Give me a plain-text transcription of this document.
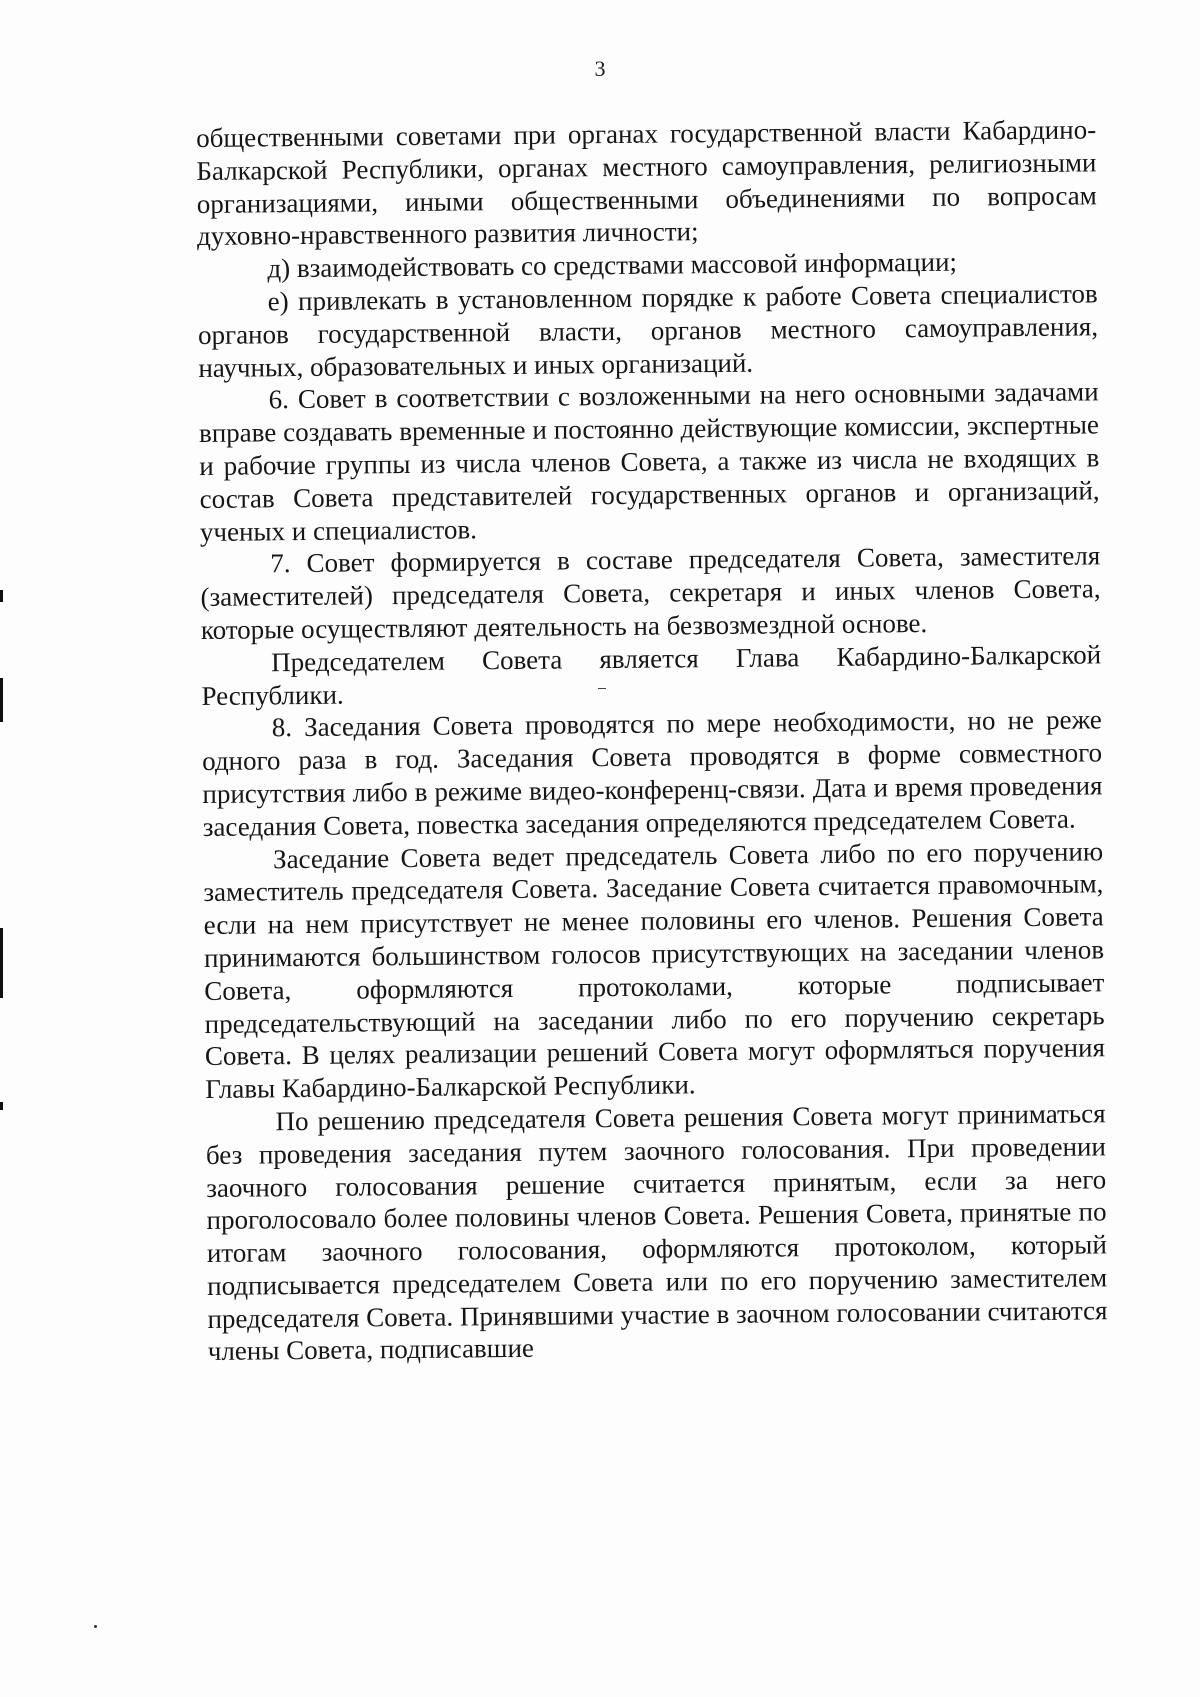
3

общественными советами при органах государственной власти Кабардино-Балкарской Республики, органах местного самоуправления, религиозными организациями, иными общественными объединениями по вопросам духовно-нравственного развития личности;

д) взаимодействовать со средствами массовой информации;

е) привлекать в установленном порядке к работе Совета специалистов органов государственной власти, органов местного самоуправления, научных, образовательных и иных организаций.

6. Совет в соответствии с возложенными на него основными задачами вправе создавать временные и постоянно действующие комиссии, экспертные и рабочие группы из числа членов Совета, а также из числа не входящих в состав Совета представителей государственных органов и организаций, ученых и специалистов.

7. Совет формируется в составе председателя Совета, заместителя (заместителей) председателя Совета, секретаря и иных членов Совета, которые осуществляют деятельность на безвозмездной основе.

Председателем Совета является Глава Кабардино-Балкарской Республики.

8. Заседания Совета проводятся по мере необходимости, но не реже одного раза в год. Заседания Совета проводятся в форме совместного присутствия либо в режиме видео-конференц-связи. Дата и время проведения заседания Совета, повестка заседания определяются председателем Совета.

Заседание Совета ведет председатель Совета либо по его поручению заместитель председателя Совета. Заседание Совета считается правомочным, если на нем присутствует не менее половины его членов. Решения Совета принимаются большинством голосов присутствующих на заседании членов Совета, оформляются протоколами, которые подписывает председательствующий на заседании либо по его поручению секретарь Совета. В целях реализации решений Совета могут оформляться поручения Главы Кабардино-Балкарской Республики.

По решению председателя Совета решения Совета могут приниматься без проведения заседания путем заочного голосования. При проведении заочного голосования решение считается принятым, если за него проголосовало более половины членов Совета. Решения Совета, принятые по итогам заочного голосования, оформляются протоколом, который подписывается председателем Совета или по его поручению заместителем председателя Совета. Принявшими участие в заочном голосовании считаются члены Совета, подписавшие
